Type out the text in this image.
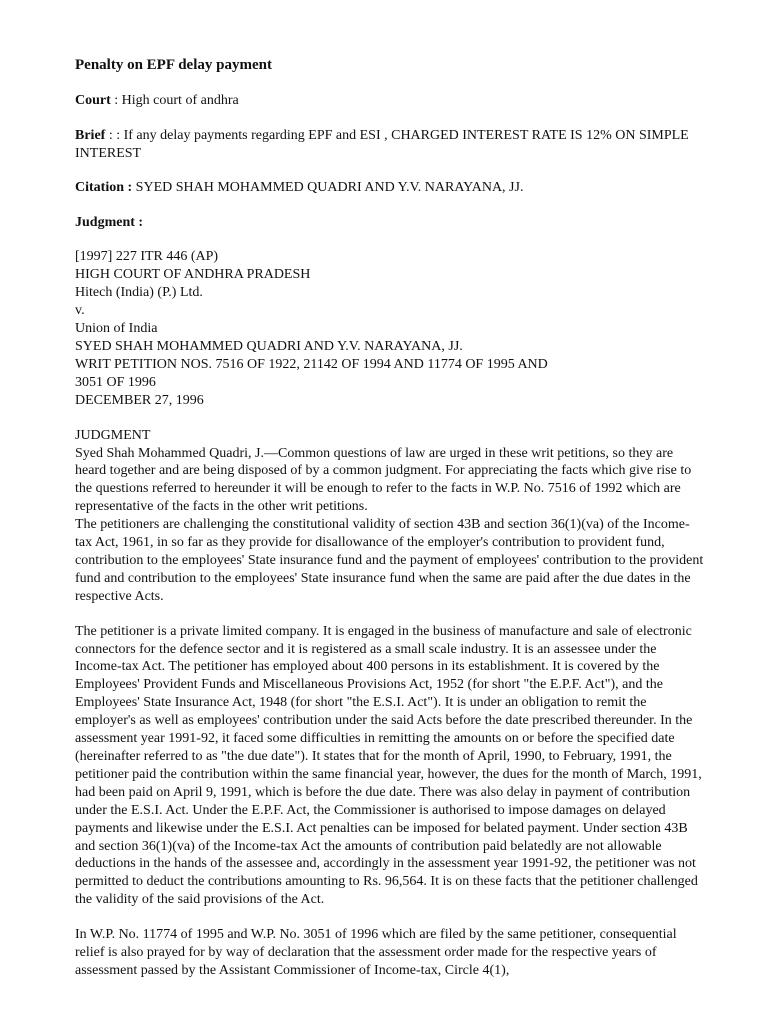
Penalty on EPF delay payment
Court : High court of andhra
Brief : : If any delay payments regarding EPF and ESI , CHARGED INTEREST RATE IS 12% ON SIMPLE INTEREST
Citation : SYED SHAH MOHAMMED QUADRI AND Y.V. NARAYANA, JJ.
Judgment :
[1997] 227 ITR 446 (AP)
HIGH COURT OF ANDHRA PRADESH
Hitech (India) (P.) Ltd.
v.
Union of India
SYED SHAH MOHAMMED QUADRI AND Y.V. NARAYANA, JJ.
WRIT PETITION NOS. 7516 OF 1922, 21142 OF 1994 AND 11774 OF 1995 AND
3051 OF 1996
DECEMBER 27, 1996
JUDGMENT

Syed Shah Mohammed Quadri, J.—Common questions of law are urged in these writ petitions, so they are heard together and are being disposed of by a common judgment. For appreciating the facts which give rise to the questions referred to hereunder it will be enough to refer to the facts in W.P. No. 7516 of 1992 which are representative of the facts in the other writ petitions.

The petitioners are challenging the constitutional validity of section 43B and section 36(1)(va) of the Income-tax Act, 1961, in so far as they provide for disallowance of the employer's contribution to provident fund, contribution to the employees' State insurance fund and the payment of employees' contribution to the provident fund and contribution to the employees' State insurance fund when the same are paid after the due dates in the respective Acts.

The petitioner is a private limited company. It is engaged in the business of manufacture and sale of electronic connectors for the defence sector and it is registered as a small scale industry. It is an assessee under the Income-tax Act. The petitioner has employed about 400 persons in its establishment. It is covered by the Employees' Provident Funds and Miscellaneous Provisions Act, 1952 (for short "the E.P.F. Act"), and the Employees' State Insurance Act, 1948 (for short "the E.S.I. Act"). It is under an obligation to remit the employer's as well as employees' contribution under the said Acts before the date prescribed thereunder. In the assessment year 1991-92, it faced some difficulties in remitting the amounts on or before the specified date (hereinafter referred to as "the due date"). It states that for the month of April, 1990, to February, 1991, the petitioner paid the contribution within the same financial year, however, the dues for the month of March, 1991, had been paid on April 9, 1991, which is before the due date. There was also delay in payment of contribution under the E.S.I. Act. Under the E.P.F. Act, the Commissioner is authorised to impose damages on delayed payments and likewise under the E.S.I. Act penalties can be imposed for belated payment. Under section 43B and section 36(1)(va) of the Income-tax Act the amounts of contribution paid belatedly are not allowable deductions in the hands of the assessee and, accordingly in the assessment year 1991-92, the petitioner was not permitted to deduct the contributions amounting to Rs. 96,564. It is on these facts that the petitioner challenged the validity of the said provisions of the Act.

In W.P. No. 11774 of 1995 and W.P. No. 3051 of 1996 which are filed by the same petitioner, consequential relief is also prayed for by way of declaration that the assessment order made for the respective years of assessment passed by the Assistant Commissioner of Income-tax, Circle 4(1),
